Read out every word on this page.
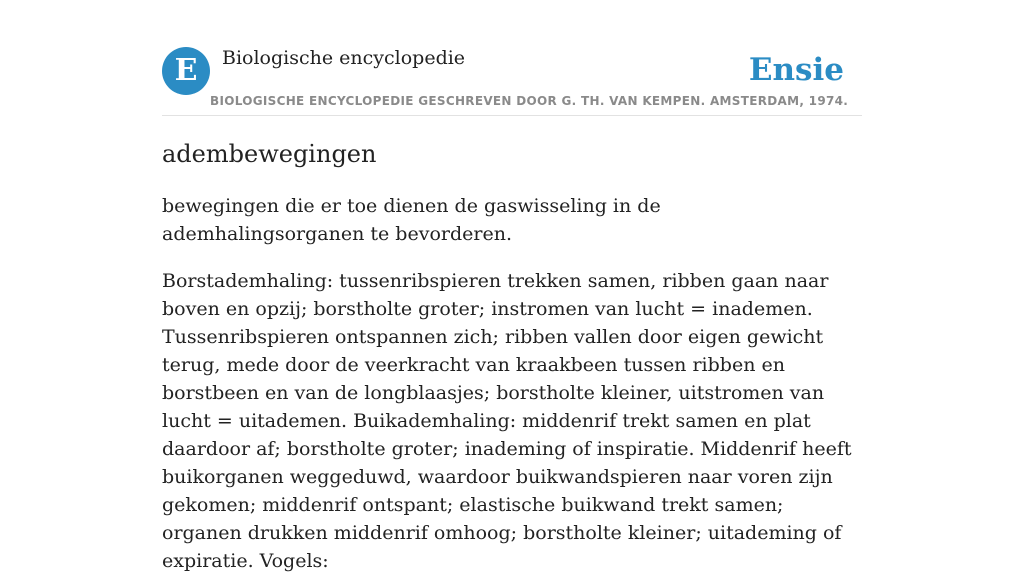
E	Biologische encyclopedie
BIOLOGISCHE ENCYCLOPEDIE GESCHREVEN DOOR G. TH. VAN KEMPEN. AMSTERDAM, 1974.
Ensie
adembewegingen

bewegingen die er toe dienen de gaswisseling in de ademhalingsorganen te bevorderen.

Borstademhaling: tussenribspieren trekken samen, ribben gaan naar boven en opzij; borstholte groter; instromen van lucht = inademen. Tussenribspieren ontspannen zich; ribben vallen door eigen gewicht terug, mede door de veerkracht van kraakbeen tussen ribben en borstbeen en van de longblaasjes; borstholte kleiner, uitstromen van lucht = uitademen. Buikademhaling: middenrif trekt samen en plat daardoor af; borstholte groter; inademing of inspiratie. Middenrif heeft buikorganen weggeduwd, waardoor buikwandspieren naar voren zijn gekomen; middenrif ontspant; elastische buikwand trekt samen; organen drukken middenrif omhoog; borstholte kleiner; uitademing of expiratie. Vogels:
